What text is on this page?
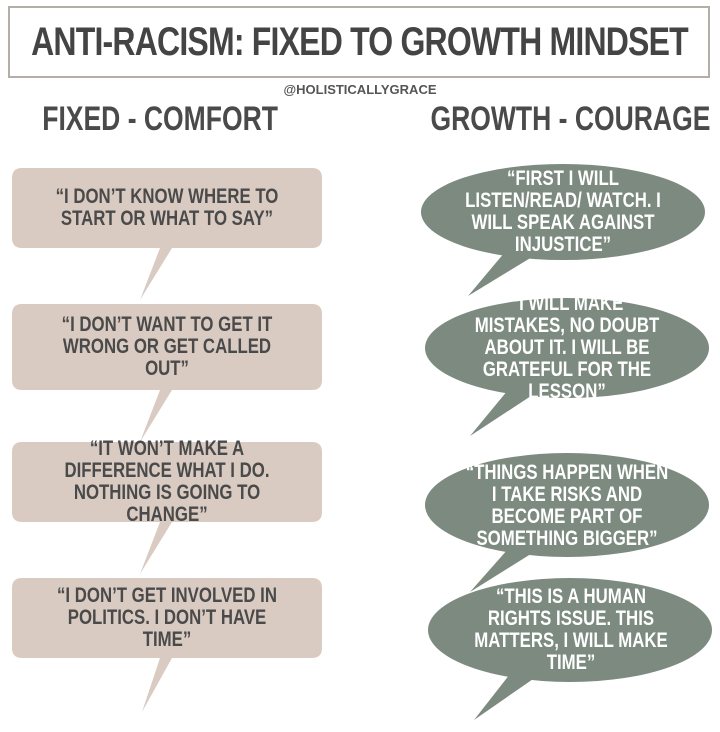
ANTI-RACISM: FIXED TO GROWTH MINDSET
@HOLISTICALLYGRACE
FIXED - COMFORT	GROWTH - COURAGE
“I DON’T KNOW WHERE TO START OR WHAT TO SAY”
“I DON’T WANT TO GET IT WRONG OR GET CALLED OUT”
“IT WON’T MAKE A DIFFERENCE WHAT I DO. NOTHING IS GOING TO CHANGE”
“I DON’T GET INVOLVED IN POLITICS. I DON’T HAVE TIME”
“FIRST I WILL LISTEN/READ/ WATCH. I WILL SPEAK AGAINST INJUSTICE”
“I WILL MAKE MISTAKES, NO DOUBT ABOUT IT. I WILL BE GRATEFUL FOR THE LESSON”
“THINGS HAPPEN WHEN I TAKE RISKS AND BECOME PART OF SOMETHING BIGGER”
“THIS IS A HUMAN RIGHTS ISSUE. THIS MATTERS, I WILL MAKE TIME”
